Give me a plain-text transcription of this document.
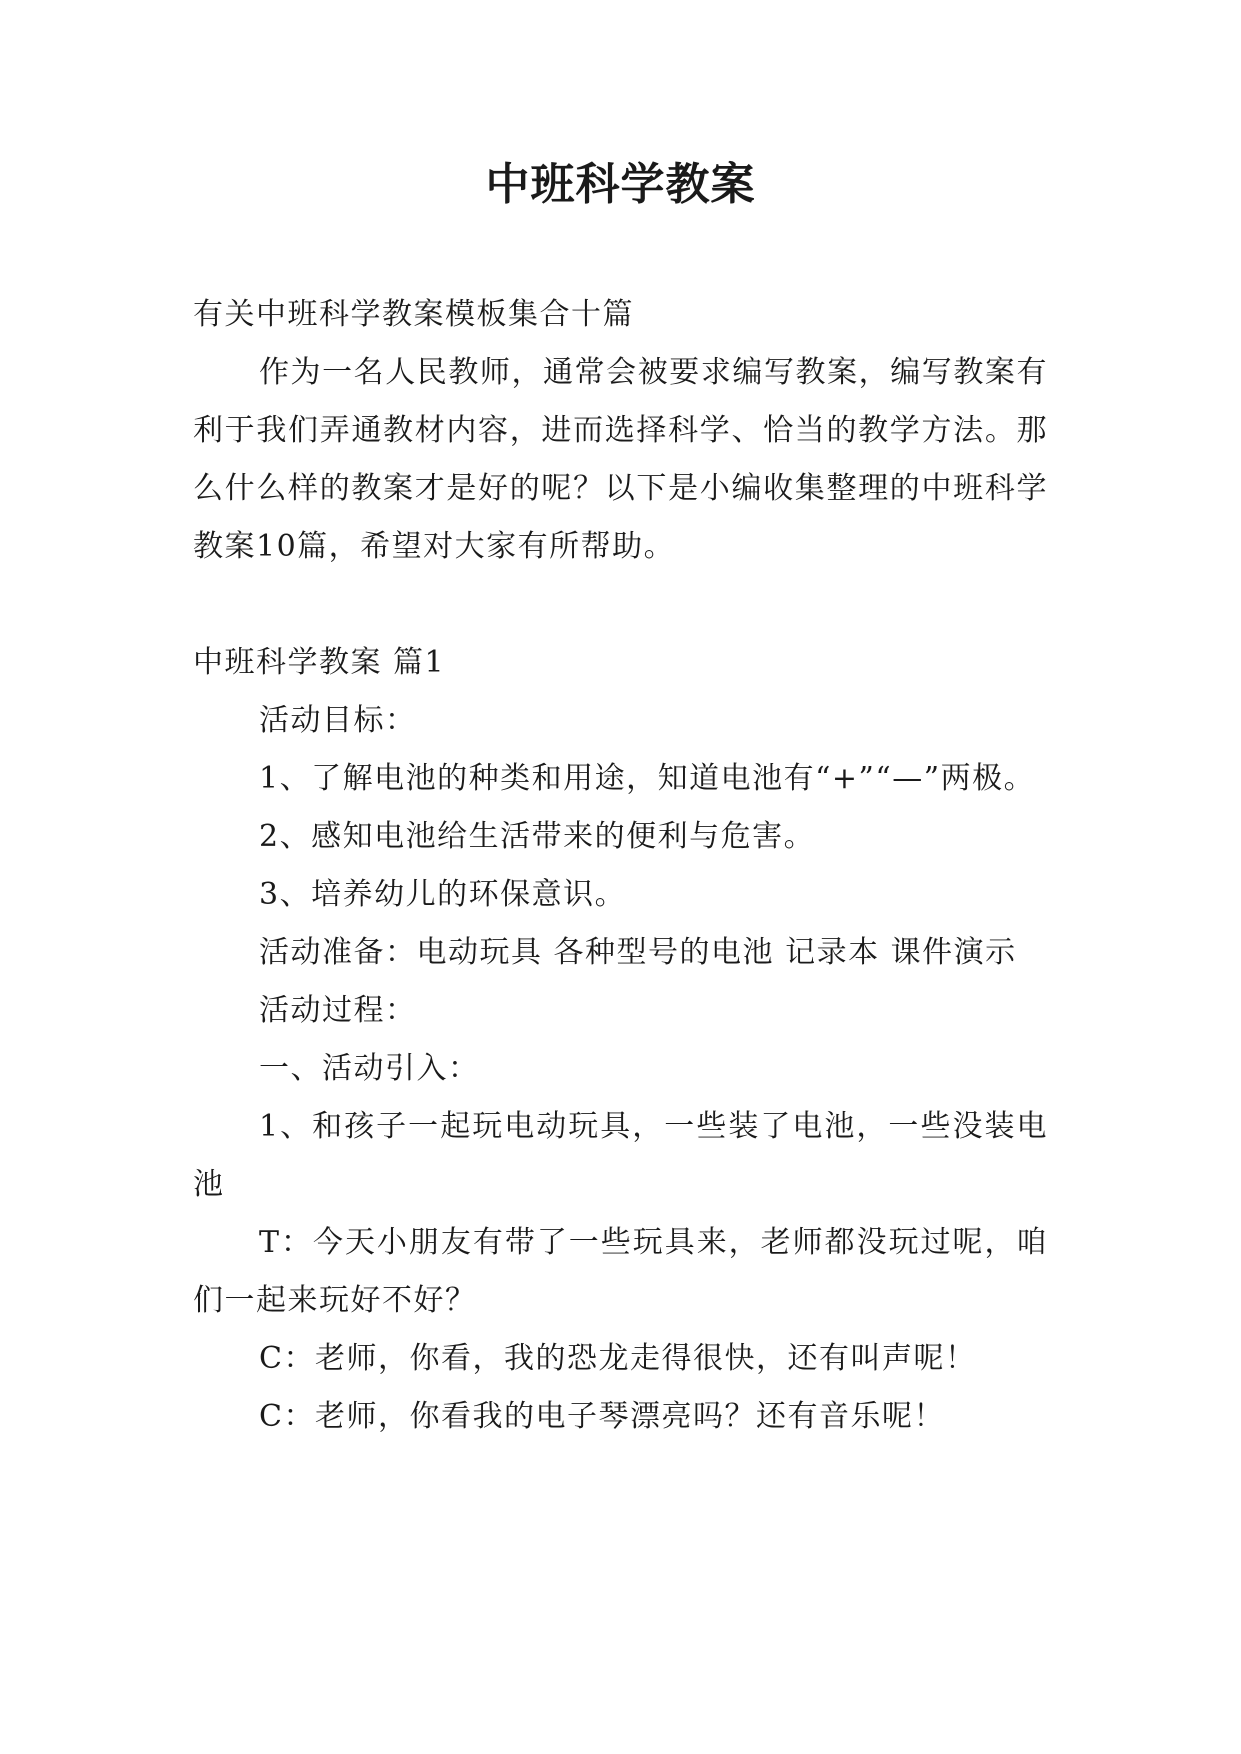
中班科学教案

有关中班科学教案模板集合十篇

作为一名人民教师，通常会被要求编写教案，编写教案有利于我们弄通教材内容，进而选择科学、恰当的教学方法。那么什么样的教案才是好的呢？以下是小编收集整理的中班科学教案10篇，希望对大家有所帮助。

中班科学教案 篇1

活动目标：

1、了解电池的种类和用途，知道电池有“+”“—”两极。

2、感知电池给生活带来的便利与危害。

3、培养幼儿的环保意识。

活动准备：电动玩具 各种型号的电池 记录本 课件演示

活动过程：

一、活动引入：

1、和孩子一起玩电动玩具，一些装了电池，一些没装电池

T：今天小朋友有带了一些玩具来，老师都没玩过呢，咱们一起来玩好不好？

C：老师，你看，我的恐龙走得很快，还有叫声呢！

C：老师，你看我的电子琴漂亮吗？还有音乐呢！
